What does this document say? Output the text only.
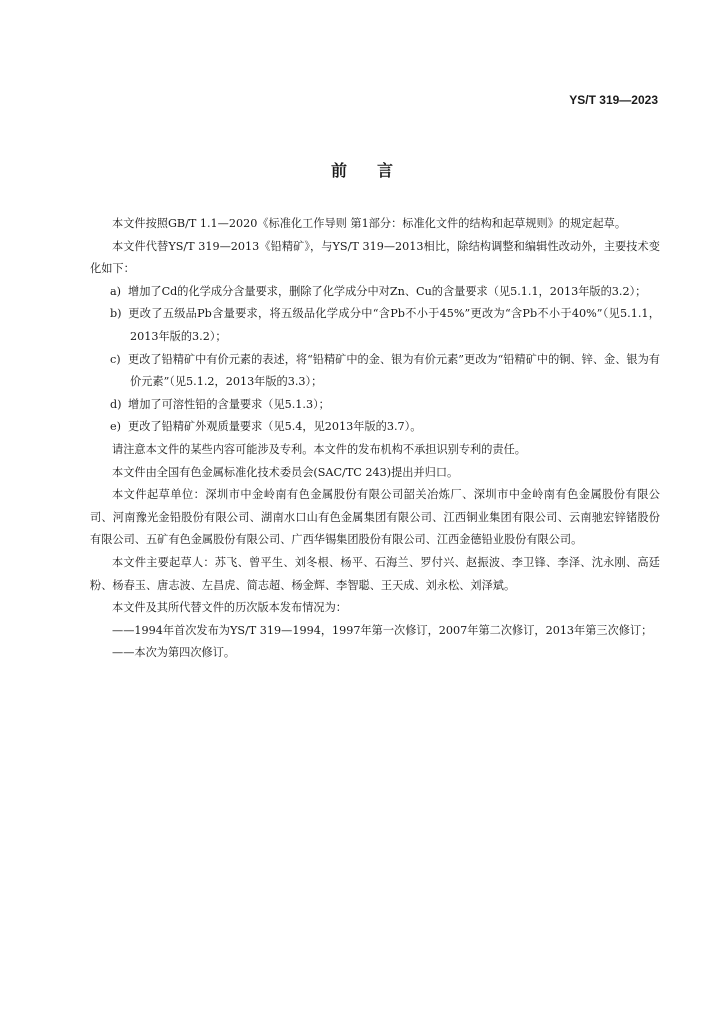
YS/T 319—2023
前言

本文件按照GB/T 1.1—2020《标准化工作导则 第1部分：标准化文件的结构和起草规则》的规定起草。

本文件代替YS/T 319—2013《铅精矿》，与YS/T 319—2013相比，除结构调整和编辑性改动外，主要技术变化如下：

a) 增加了Cd的化学成分含量要求，删除了化学成分中对Zn、Cu的含量要求（见5.1.1，2013年版的3.2）；

b) 更改了五级品Pb含量要求，将五级品化学成分中“含Pb不小于45%”更改为“含Pb不小于40%”（见5.1.1，2013年版的3.2）；

c) 更改了铅精矿中有价元素的表述，将“铅精矿中的金、银为有价元素”更改为“铅精矿中的铜、锌、金、银为有价元素”（见5.1.2，2013年版的3.3）；

d) 增加了可溶性铅的含量要求（见5.1.3）；

e) 更改了铅精矿外观质量要求（见5.4，见2013年版的3.7）。

请注意本文件的某些内容可能涉及专利。本文件的发布机构不承担识别专利的责任。

本文件由全国有色金属标准化技术委员会(SAC/TC 243)提出并归口。

本文件起草单位：深圳市中金岭南有色金属股份有限公司韶关冶炼厂、深圳市中金岭南有色金属股份有限公司、河南豫光金铅股份有限公司、湖南水口山有色金属集团有限公司、江西铜业集团有限公司、云南驰宏锌锗股份有限公司、五矿有色金属股份有限公司、广西华锡集团股份有限公司、江西金德铅业股份有限公司。

本文件主要起草人：苏飞、曾平生、刘冬根、杨平、石海兰、罗付兴、赵振波、李卫锋、李泽、沈永刚、高廷粉、杨春玉、唐志波、左昌虎、简志超、杨金辉、李智聪、王天成、刘永松、刘泽斌。

本文件及其所代替文件的历次版本发布情况为：

——1994年首次发布为YS/T 319—1994，1997年第一次修订，2007年第二次修订，2013年第三次修订；

——本次为第四次修订。
